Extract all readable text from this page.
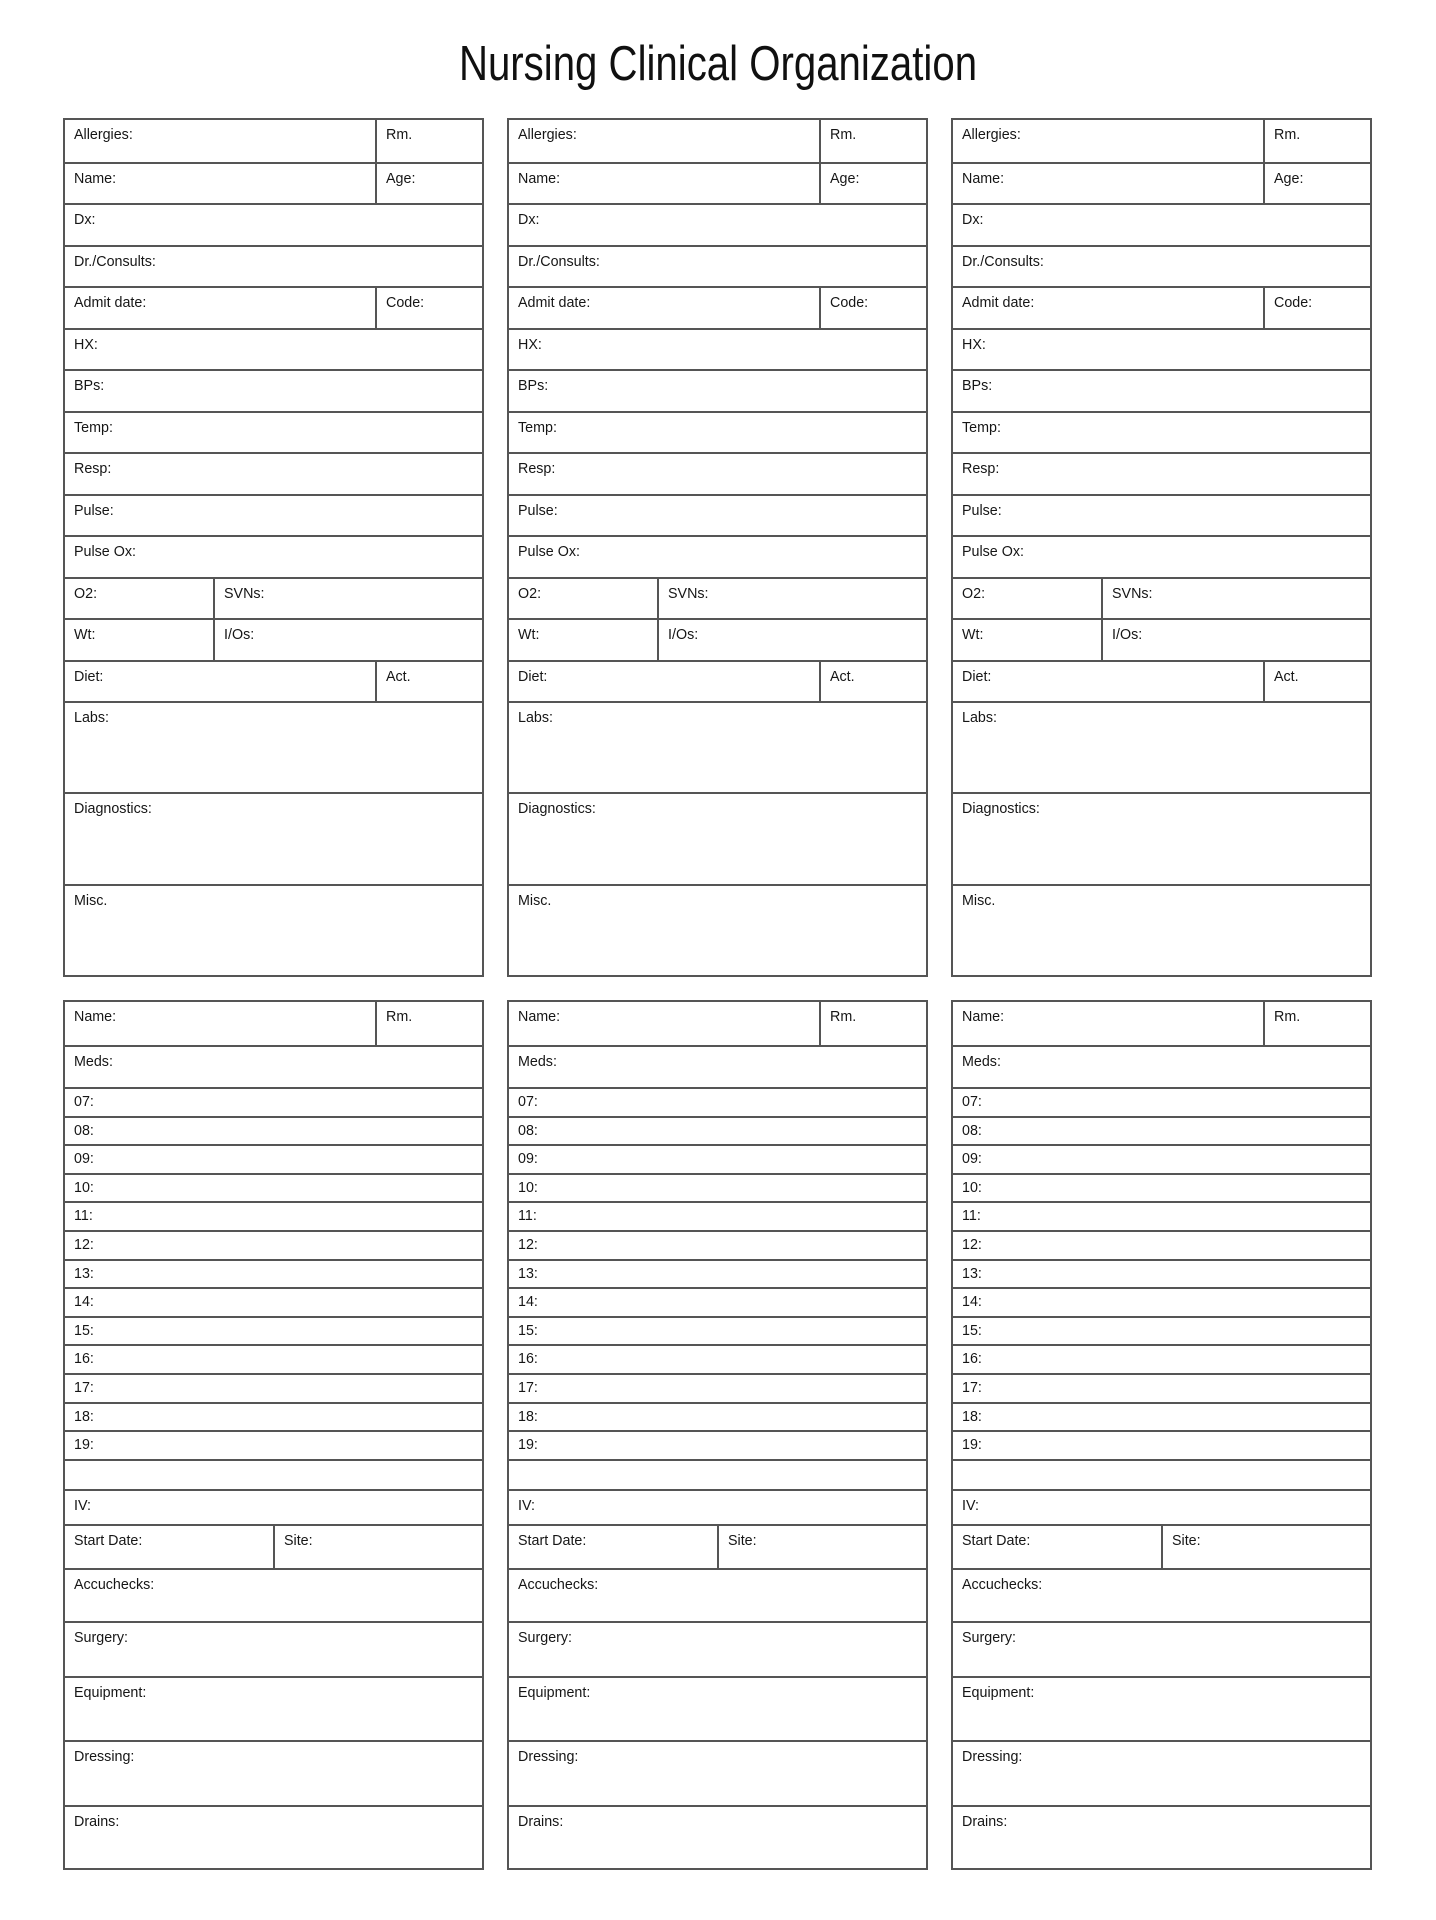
Nursing Clinical Organization
Allergies:	Rm.
Name:	Age:
Dx:
Dr./Consults:
Admit date:	Code:
HX:
BPs:
Temp:
Resp:
Pulse:
Pulse Ox:
O2:	SVNs:
Wt:	I/Os:
Diet:	Act.
Labs:
Diagnostics:
Misc.
Name:	Rm.
Meds:
07:
08:
09:
10:
11:
12:
13:
14:
15:
16:
17:
18:
19:
IV:
Start Date:	Site:
Accuchecks:
Surgery:
Equipment:
Dressing:
Drains:
Allergies:	Rm.
Name:	Age:
Dx:
Dr./Consults:
Admit date:	Code:
HX:
BPs:
Temp:
Resp:
Pulse:
Pulse Ox:
O2:	SVNs:
Wt:	I/Os:
Diet:	Act.
Labs:
Diagnostics:
Misc.
Name:	Rm.
Meds:
07:
08:
09:
10:
11:
12:
13:
14:
15:
16:
17:
18:
19:
IV:
Start Date:	Site:
Accuchecks:
Surgery:
Equipment:
Dressing:
Drains:
Allergies:	Rm.
Name:	Age:
Dx:
Dr./Consults:
Admit date:	Code:
HX:
BPs:
Temp:
Resp:
Pulse:
Pulse Ox:
O2:	SVNs:
Wt:	I/Os:
Diet:	Act.
Labs:
Diagnostics:
Misc.
Name:	Rm.
Meds:
07:
08:
09:
10:
11:
12:
13:
14:
15:
16:
17:
18:
19:
IV:
Start Date:	Site:
Accuchecks:
Surgery:
Equipment:
Dressing:
Drains:
